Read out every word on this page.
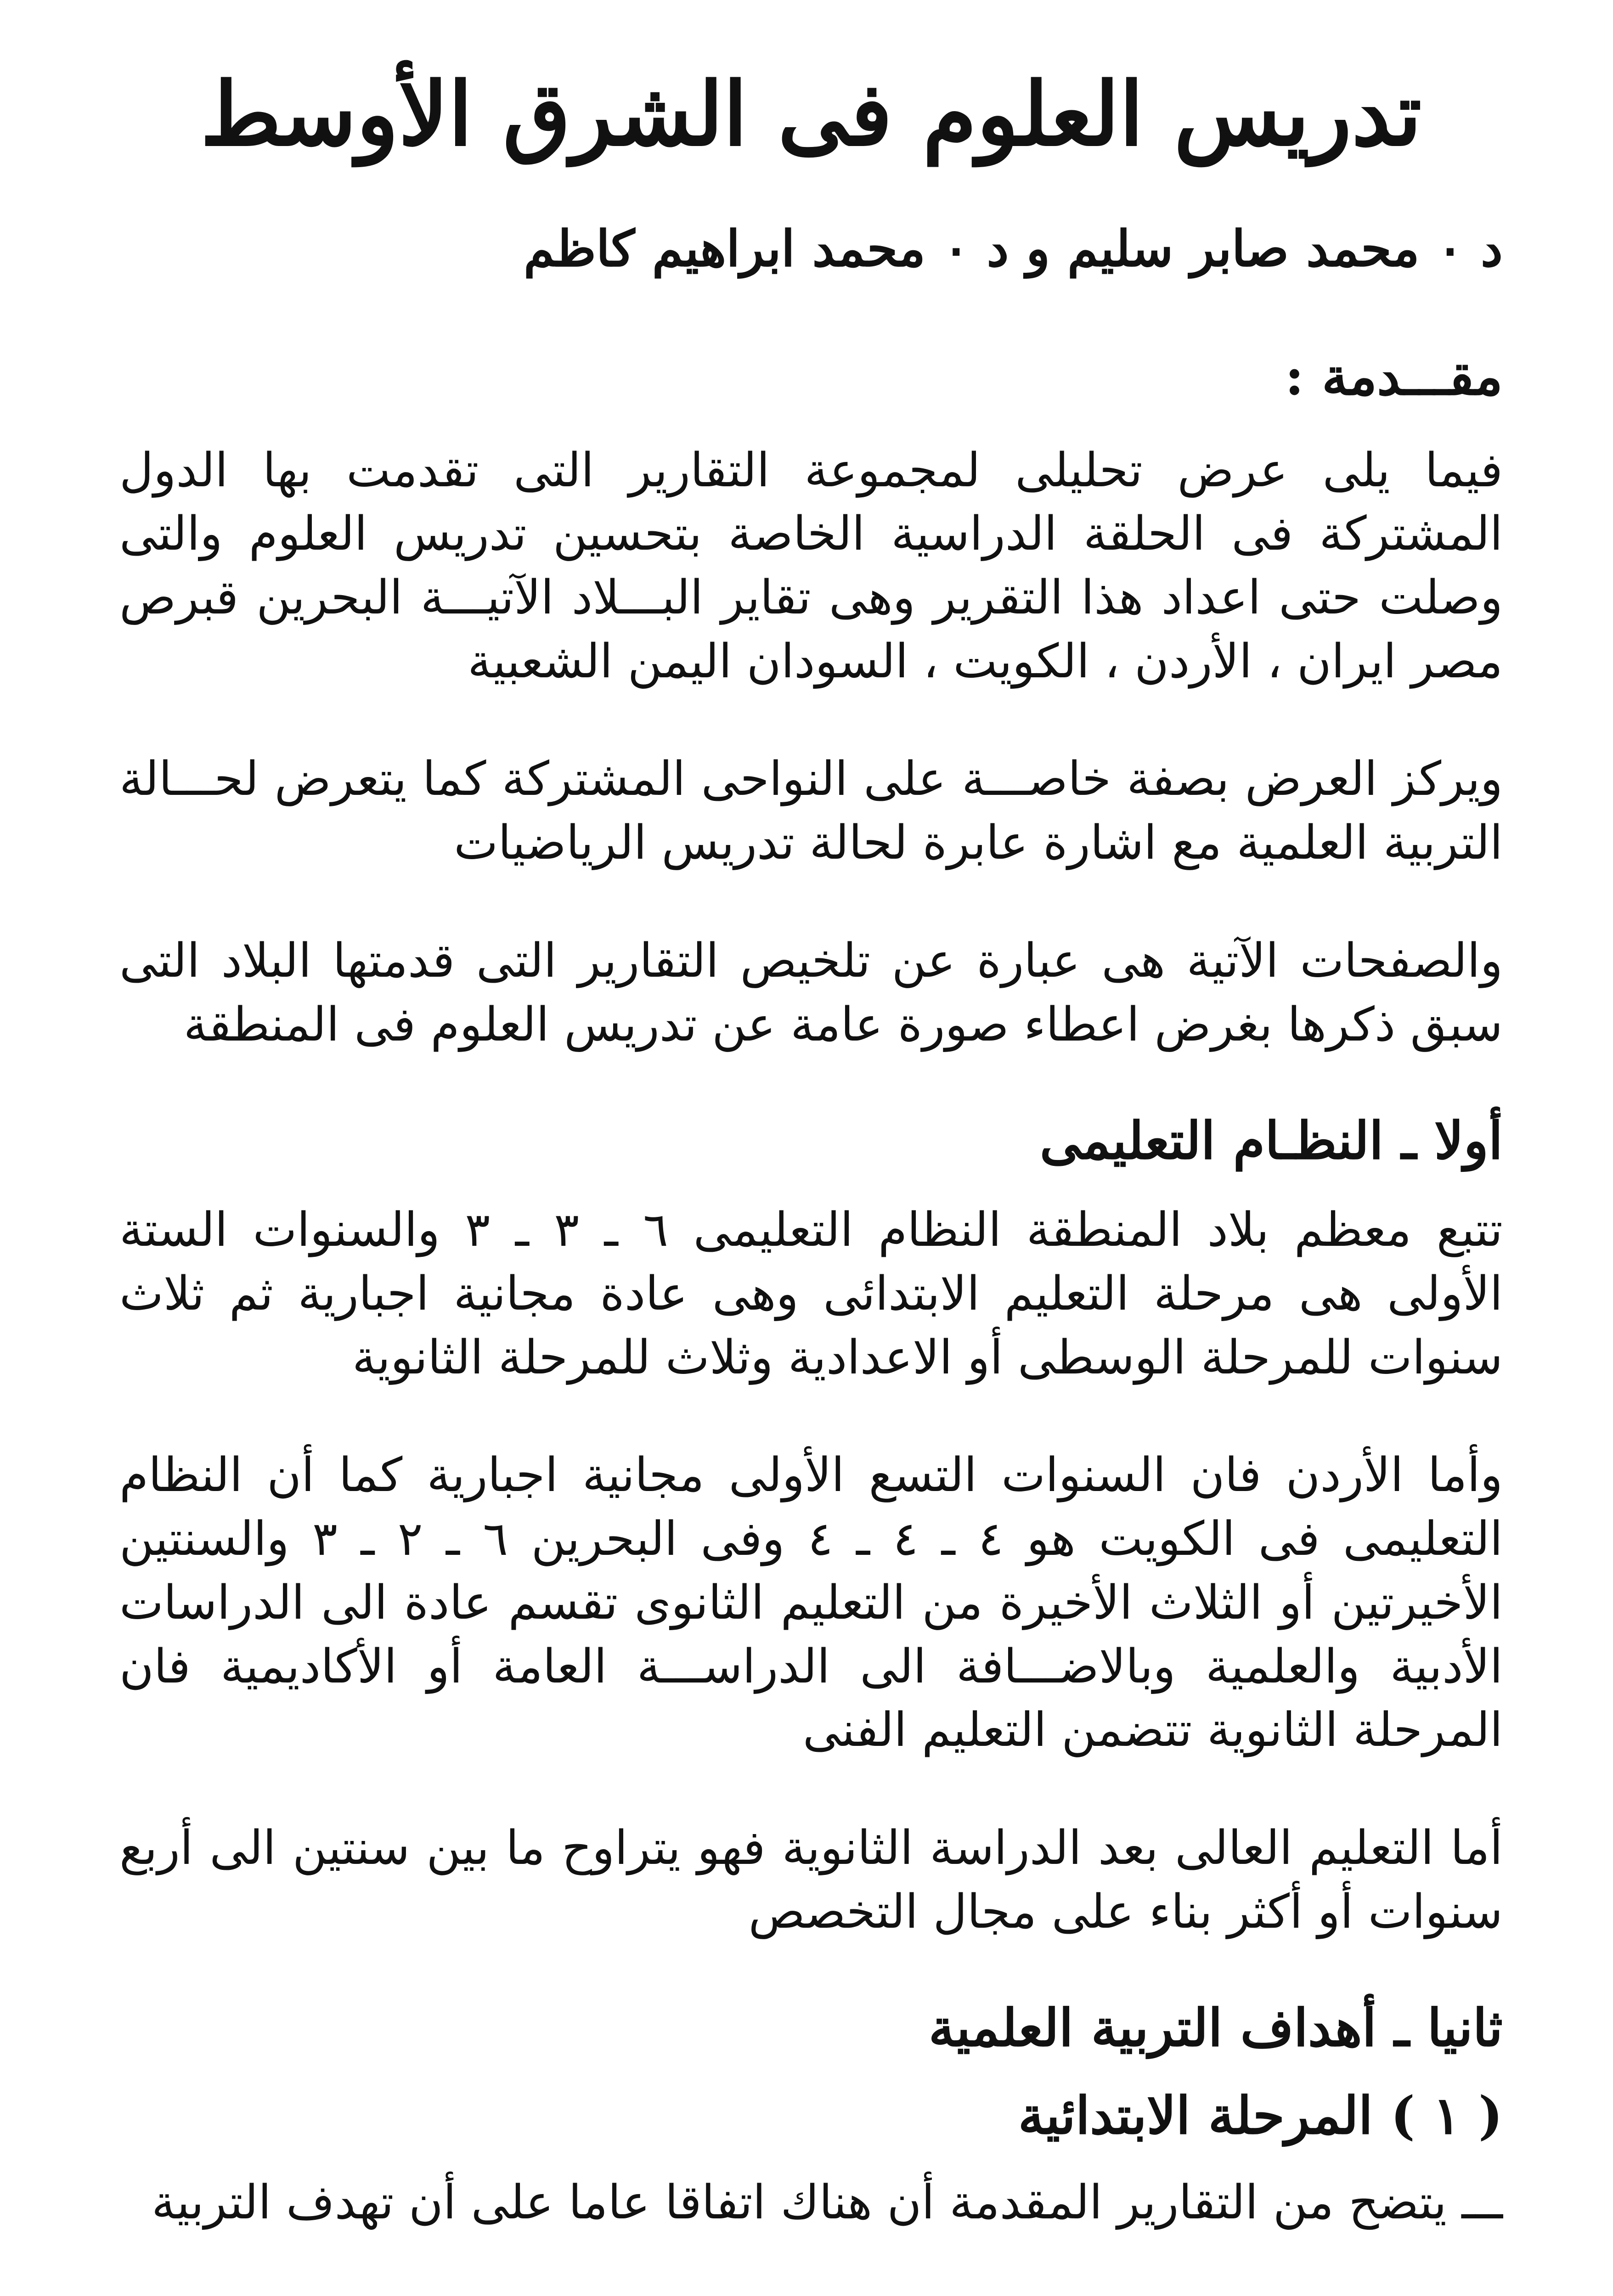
تدريس العلوم فى الشرق الأوسط
د ٠ محمد صابر سليم و د ٠ محمد ابراهيم كاظم
مقـــدمة :

فيما يلى عرض تحليلى لمجموعة التقارير التى تقدمت بها الدول المشتركة فى الحلقة الدراسية الخاصة بتحسين تدريس العلوم والتى وصلت حتى اعداد هذا التقرير وهى تقاير البـــلاد الآتيـــة البحرين قبرص مصر ايران ، الأردن ، الكويت ، السودان اليمن الشعبية

ويركز العرض بصفة خاصـــة على النواحى المشتركة كما يتعرض لحـــالة التربية العلمية مع اشارة عابرة لحالة تدريس الرياضيات

والصفحات الآتية هى عبارة عن تلخيص التقارير التى قدمتها البلاد التى سبق ذكرها بغرض اعطاء صورة عامة عن تدريس العلوم فى المنطقة

أولا ـ النظـام التعليمى

تتبع معظم بلاد المنطقة النظام التعليمى ٦ ـ ٣ ـ ٣ والسنوات الستة الأولى هى مرحلة التعليم الابتدائى وهى عادة مجانية اجبارية ثم ثلاث سنوات للمرحلة الوسطى أو الاعدادية وثلاث للمرحلة الثانوية

وأما الأردن فان السنوات التسع الأولى مجانية اجبارية كما أن النظام التعليمى فى الكويت هو ٤ ـ ٤ ـ ٤ وفى البحرين ٦ ـ ٢ ـ ٣ والسنتين الأخيرتين أو الثلاث الأخيرة من التعليم الثانوى تقسم عادة الى الدراسات الأدبية والعلمية وبالاضـــافة الى الدراســـة العامة أو الأكاديمية فان المرحلة الثانوية تتضمن التعليم الفنى

أما التعليم العالى بعد الدراسة الثانوية فهو يتراوح ما بين سنتين الى أربع سنوات أو أكثر بناء على مجال التخصص

ثانيا ـ أهداف التربية العلمية
( ١ ) المرحلة الابتدائية

ـــ يتضح من التقارير المقدمة أن هناك اتفاقا عاما على أن تهدف التربية
